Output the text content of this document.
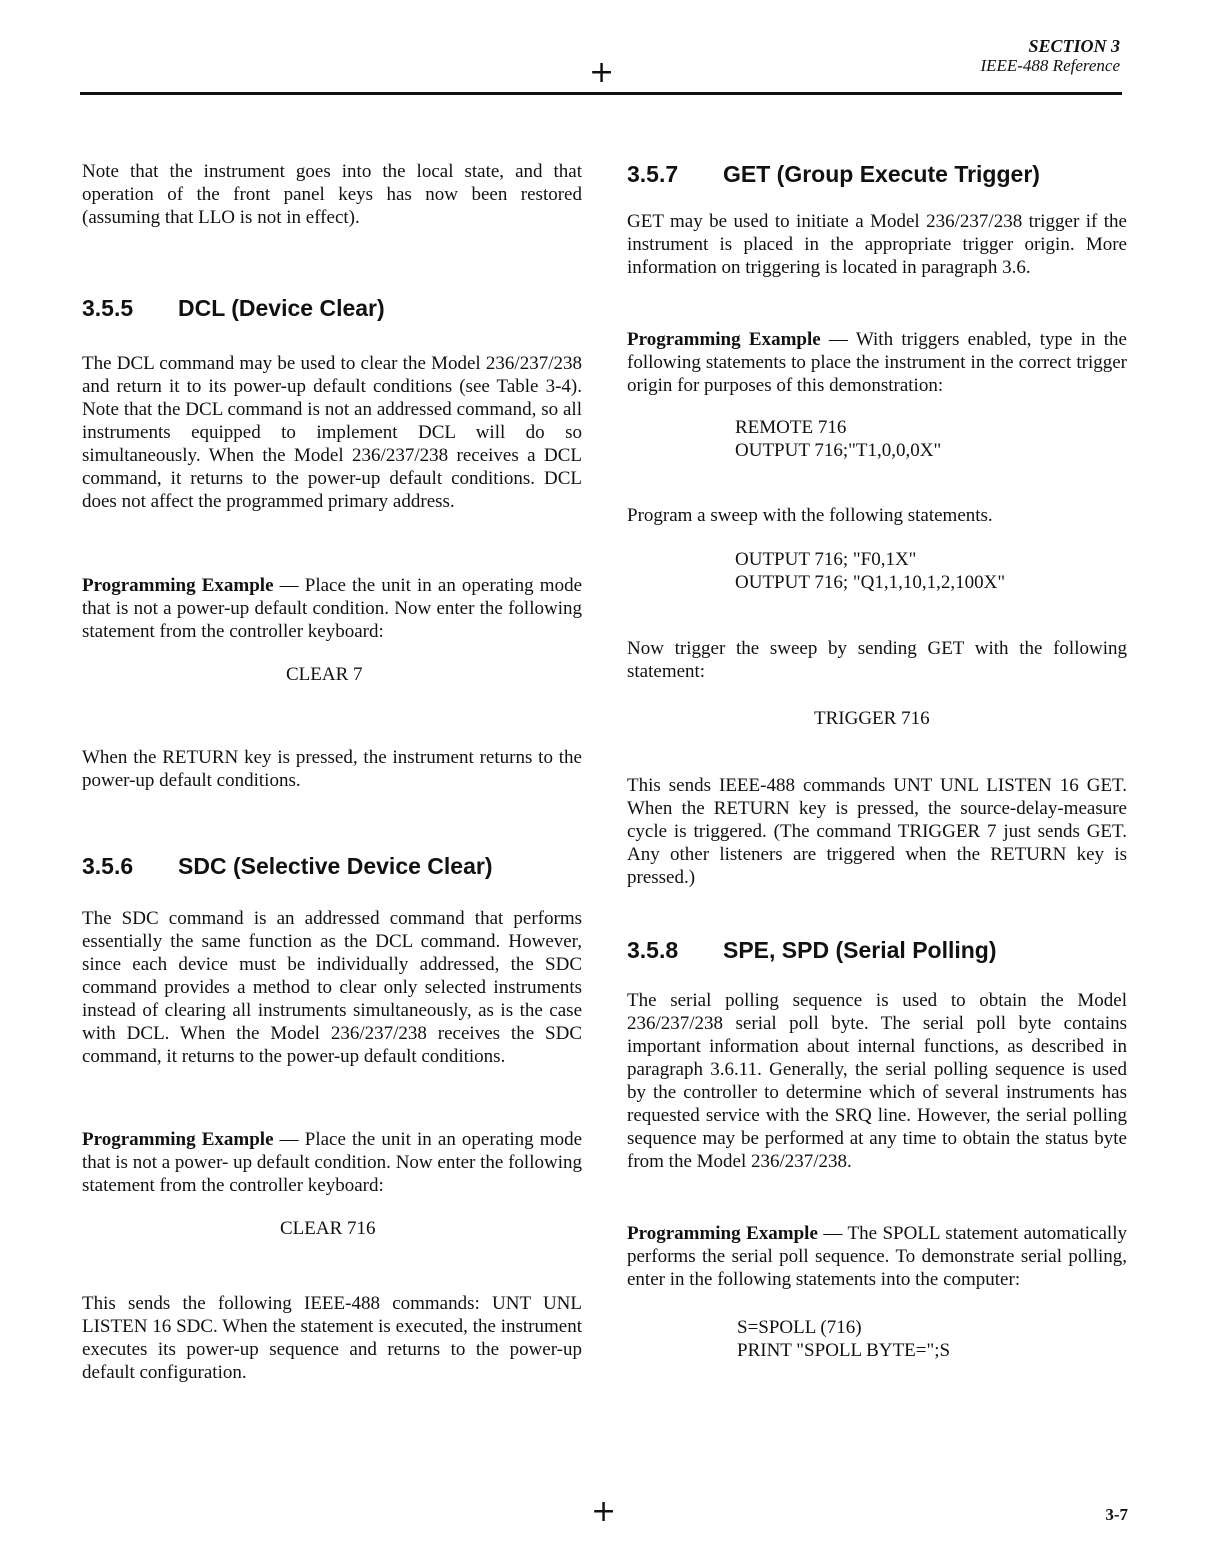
SECTION 3
IEEE-488 Reference
+

Note that the instrument goes into the local state, and that operation of the front panel keys has now been restored (assuming that LLO is not in effect).

3.5.5 DCL (Device Clear)

The DCL command may be used to clear the Model 236/237/238 and return it to its power-up default conditions (see Table 3-4). Note that the DCL command is not an addressed command, so all instruments equipped to implement DCL will do so simultaneously. When the Model 236/237/238 receives a DCL command, it returns to the power-up default conditions. DCL does not affect the programmed primary address.

Programming Example — Place the unit in an operating mode that is not a power-up default condition. Now enter the following statement from the controller keyboard:

CLEAR 7

When the RETURN key is pressed, the instrument returns to the power-up default conditions.

3.5.6 SDC (Selective Device Clear)

The SDC command is an addressed command that performs essentially the same function as the DCL command. However, since each device must be individually addressed, the SDC command provides a method to clear only selected instruments instead of clearing all instruments simultaneously, as is the case with DCL. When the Model 236/237/238 receives the SDC command, it returns to the power-up default conditions.

Programming Example — Place the unit in an operating mode that is not a power- up default condition. Now enter the following statement from the controller keyboard:

CLEAR 716

This sends the following IEEE-488 commands: UNT UNL LISTEN 16 SDC. When the statement is executed, the instrument executes its power-up sequence and returns to the power-up default configuration.

3.5.7 GET (Group Execute Trigger)

GET may be used to initiate a Model 236/237/238 trigger if the instrument is placed in the appropriate trigger origin. More information on triggering is located in paragraph 3.6.

Programming Example — With triggers enabled, type in the following statements to place the instrument in the correct trigger origin for purposes of this demonstration:

REMOTE 716
OUTPUT 716;"T1,0,0,0X"

Program a sweep with the following statements.

OUTPUT 716; "F0,1X"
OUTPUT 716; "Q1,1,10,1,2,100X"

Now trigger the sweep by sending GET with the following statement:

TRIGGER 716

This sends IEEE-488 commands UNT UNL LISTEN 16 GET. When the RETURN key is pressed, the source-delay-measure cycle is triggered. (The command TRIGGER 7 just sends GET. Any other listeners are triggered when the RETURN key is pressed.)

3.5.8 SPE, SPD (Serial Polling)

The serial polling sequence is used to obtain the Model 236/237/238 serial poll byte. The serial poll byte contains important information about internal functions, as described in paragraph 3.6.11. Generally, the serial polling sequence is used by the controller to determine which of several instruments has requested service with the SRQ line. However, the serial polling sequence may be performed at any time to obtain the status byte from the Model 236/237/238.

Programming Example — The SPOLL statement automatically performs the serial poll sequence. To demonstrate serial polling, enter in the following statements into the computer:

S=SPOLL (716)
PRINT "SPOLL BYTE=";S
+	3-7
